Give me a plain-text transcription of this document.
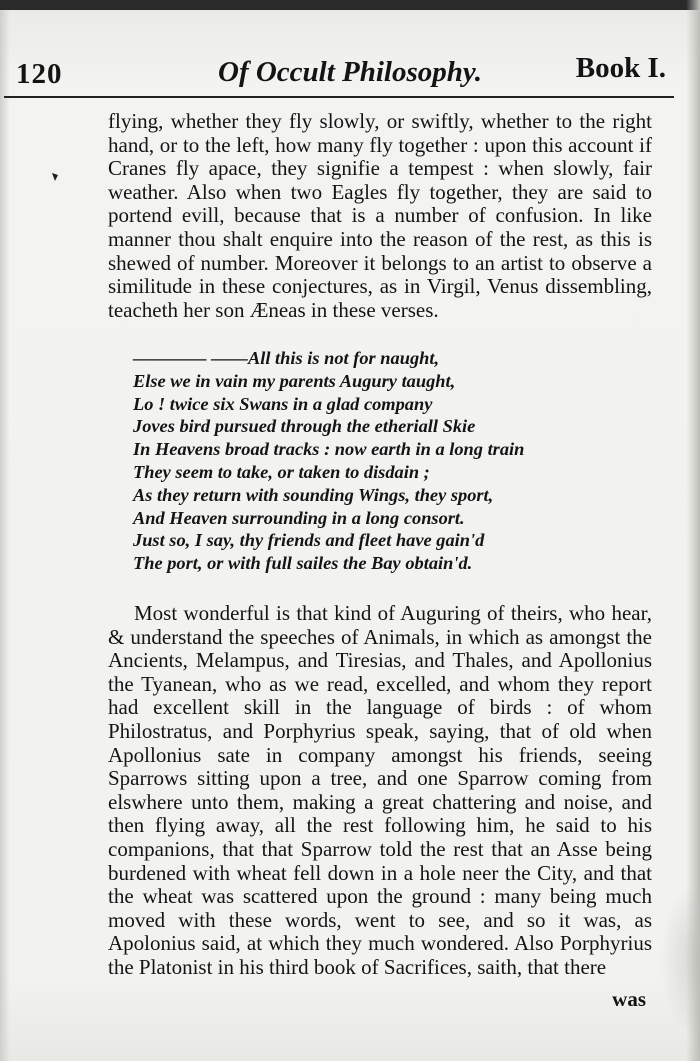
120	Of Occult Philosophy.	Book I.

flying, whether they fly slowly, or swiftly, whether to the right hand, or to the left, how many fly together : upon this account if Cranes fly apace, they signifie a tempest : when slowly, fair weather. Also when two Eagles fly together, they are said to portend evill, because that is a number of confusion. In like manner thou shalt enquire into the reason of the rest, as this is shewed of number. Moreover it belongs to an artist to observe a similitude in these conjectures, as in Virgil, Venus dissembling, teacheth her son Æneas in these verses.

———— ——All this is not for naught,
Else we in vain my parents Augury taught,
Lo ! twice six Swans in a glad company
Joves bird pursued through the etheriall Skie
In Heavens broad tracks : now earth in a long train
They seem to take, or taken to disdain ;
As they return with sounding Wings, they sport,
And Heaven surrounding in a long consort.
Just so, I say, thy friends and fleet have gain'd
The port, or with full sailes the Bay obtain'd.

Most wonderful is that kind of Auguring of theirs, who hear, & understand the speeches of Animals, in which as amongst the Ancients, Melampus, and Tiresias, and Thales, and Apollonius the Tyanean, who as we read, excelled, and whom they report had excellent skill in the language of birds : of whom Philostratus, and Porphyrius speak, saying, that of old when Apollonius sate in company amongst his friends, seeing Sparrows sitting upon a tree, and one Sparrow coming from elswhere unto them, making a great chattering and noise, and then flying away, all the rest following him, he said to his companions, that that Sparrow told the rest that an Asse being burdened with wheat fell down in a hole neer the City, and that the wheat was scattered upon the ground : many being much moved with these words, went to see, and so it was, as Apolonius said, at which they much wondered. Also Porphyrius the Platonist in his third book of Sacrifices, saith, that there

was
